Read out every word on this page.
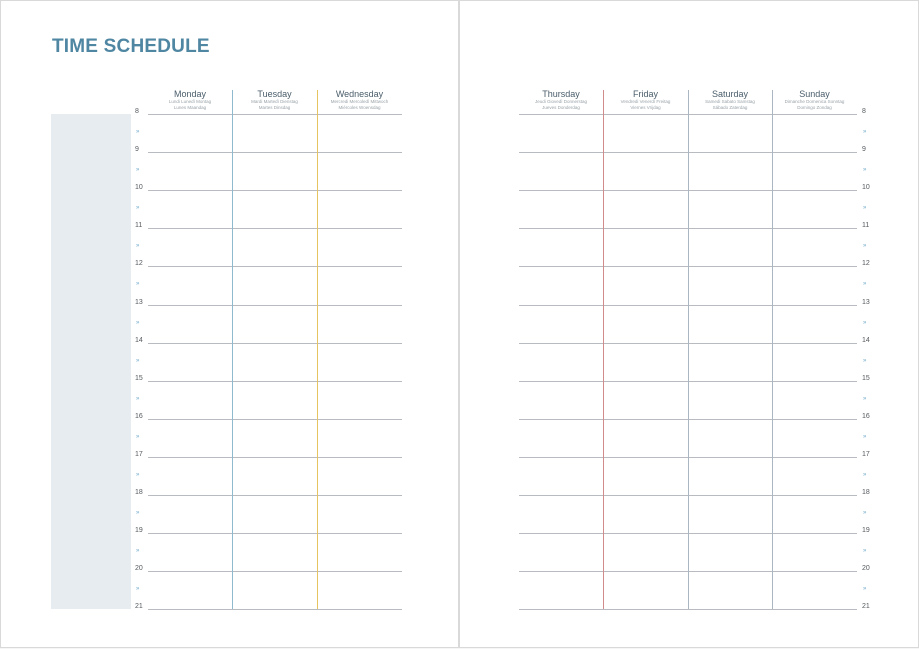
TIME SCHEDULE
8
»
9
»
10
»
11
»
12
»
13
»
14
»
15
»
16
»
17
»
18
»
19
»
20
»
21
Monday
Lundi Lunedì Montag
Lunes Maandag
Tuesday
Mardi Martedì Dienstag
Martes Dinsdag
Wednesday
Mercredi Mercoledì Mittwoch
Miércoles Woensdag
8
»
9
»
10
»
11
»
12
»
13
»
14
»
15
»
16
»
17
»
18
»
19
»
20
»
21
Thursday
Jeudi Giovedì Donnerstag
Jueves Donderdag
Friday
Vendredi Venerdì Freitag
Viernes Vrijdag
Saturday
Samedi Sabato Samstag
Sábado Zaterdag
Sunday
Dimanche Domenica Sonntag
Domingo Zondag
